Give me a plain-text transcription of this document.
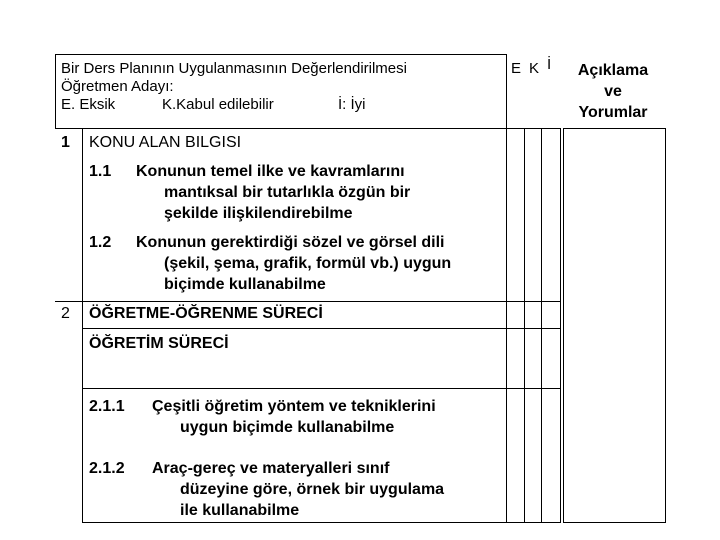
Bir Ders Planının Uygulanmasının Değerlendirilmesi
Öğretmen Adayı:
E. Eksik	K.Kabul edilebilir	İ: İyi
E K İ	Açıklama
ve
Yorumlar
1 KONU ALAN BILGISI
1.1 Konunun temel ilke ve kavramlarını
mantıksal bir tutarlıkla özgün bir
şekilde ilişkilendirebilme
1.2 Konunun gerektirdiği sözel ve görsel dili
(şekil, şema, grafik, formül vb.) uygun
biçimde kullanabilme
2 ÖĞRETME-ÖĞRENME SÜRECİ
ÖĞRETİM SÜRECİ
2.1.1 Çeşitli öğretim yöntem ve tekniklerini
uygun biçimde kullanabilme
2.1.2 Araç-gereç ve materyalleri sınıf
düzeyine göre, örnek bir uygulama
ile kullanabilme
